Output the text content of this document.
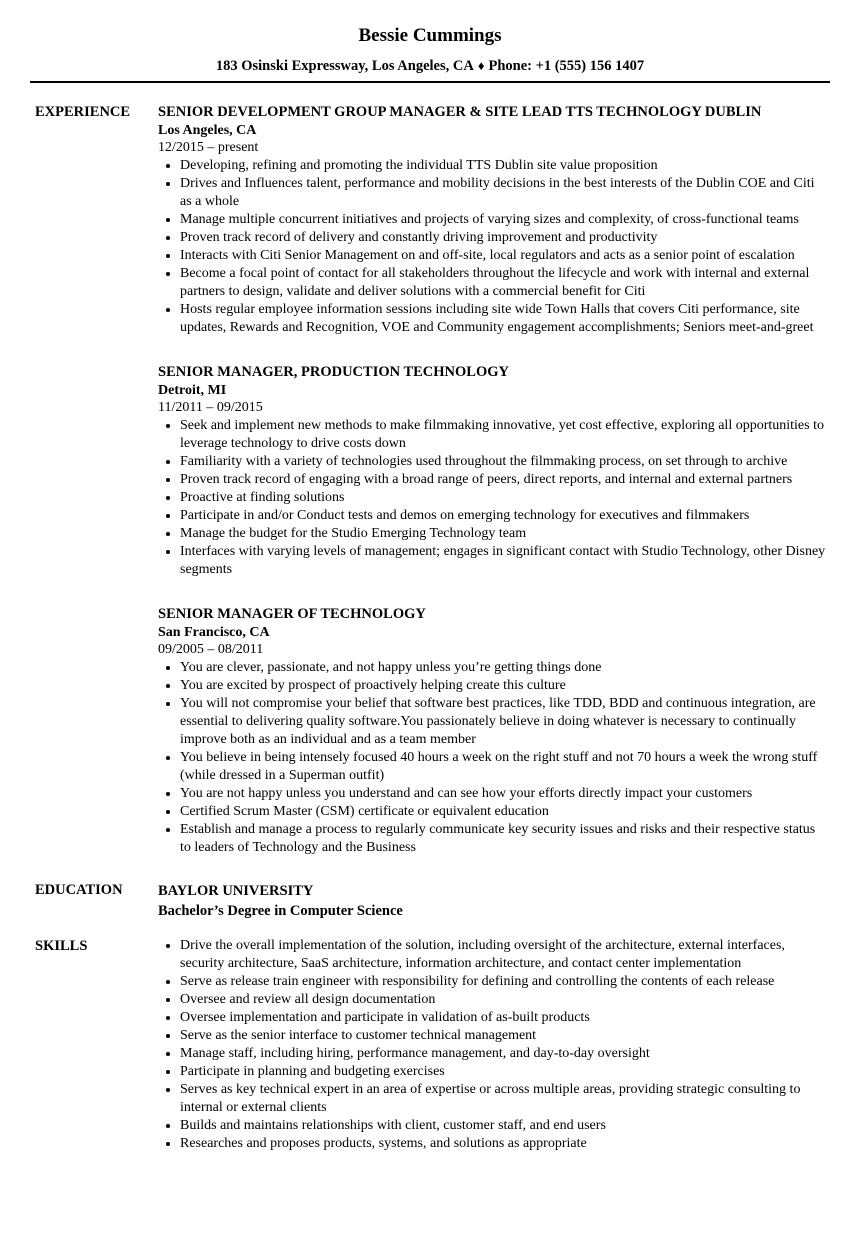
Bessie Cummings
183 Osinski Expressway, Los Angeles, CA ♦ Phone: +1 (555) 156 1407
EXPERIENCE	SENIOR DEVELOPMENT GROUP MANAGER & SITE LEAD TTS TECHNOLOGY DUBLIN
Los Angeles, CA
12/2015 – present
• Developing, refining and promoting the individual TTS Dublin site value proposition
• Drives and Influences talent, performance and mobility decisions in the best interests of the Dublin COE and Citi as a whole
• Manage multiple concurrent initiatives and projects of varying sizes and complexity, of cross-functional teams
• Proven track record of delivery and constantly driving improvement and productivity
• Interacts with Citi Senior Management on and off-site, local regulators and acts as a senior point of escalation
• Become a focal point of contact for all stakeholders throughout the lifecycle and work with internal and external partners to design, validate and deliver solutions with a commercial benefit for Citi
• Hosts regular employee information sessions including site wide Town Halls that covers Citi performance, site updates, Rewards and Recognition, VOE and Community engagement accomplishments; Seniors meet-and-greet
SENIOR MANAGER, PRODUCTION TECHNOLOGY
Detroit, MI
11/2011 – 09/2015
• Seek and implement new methods to make filmmaking innovative, yet cost effective, exploring all opportunities to leverage technology to drive costs down
• Familiarity with a variety of technologies used throughout the filmmaking process, on set through to archive
• Proven track record of engaging with a broad range of peers, direct reports, and internal and external partners
• Proactive at finding solutions
• Participate in and/or Conduct tests and demos on emerging technology for executives and filmmakers
• Manage the budget for the Studio Emerging Technology team
• Interfaces with varying levels of management; engages in significant contact with Studio Technology, other Disney segments
SENIOR MANAGER OF TECHNOLOGY
San Francisco, CA
09/2005 – 08/2011
• You are clever, passionate, and not happy unless you’re getting things done
• You are excited by prospect of proactively helping create this culture
• You will not compromise your belief that software best practices, like TDD, BDD and continuous integration, are essential to delivering quality software.You passionately believe in doing whatever is necessary to continually improve both as an individual and as a team member
• You believe in being intensely focused 40 hours a week on the right stuff and not 70 hours a week the wrong stuff (while dressed in a Superman outfit)
• You are not happy unless you understand and can see how your efforts directly impact your customers
• Certified Scrum Master (CSM) certificate or equivalent education
• Establish and manage a process to regularly communicate key security issues and risks and their respective status to leaders of Technology and the Business
EDUCATION	BAYLOR UNIVERSITY
Bachelor’s Degree in Computer Science
SKILLS	• Drive the overall implementation of the solution, including oversight of the architecture, external interfaces, security architecture, SaaS architecture, information architecture, and contact center implementation
• Serve as release train engineer with responsibility for defining and controlling the contents of each release
• Oversee and review all design documentation
• Oversee implementation and participate in validation of as-built products
• Serve as the senior interface to customer technical management
• Manage staff, including hiring, performance management, and day-to-day oversight
• Participate in planning and budgeting exercises
• Serves as key technical expert in an area of expertise or across multiple areas, providing strategic consulting to internal or external clients
• Builds and maintains relationships with client, customer staff, and end users
• Researches and proposes products, systems, and solutions as appropriate
